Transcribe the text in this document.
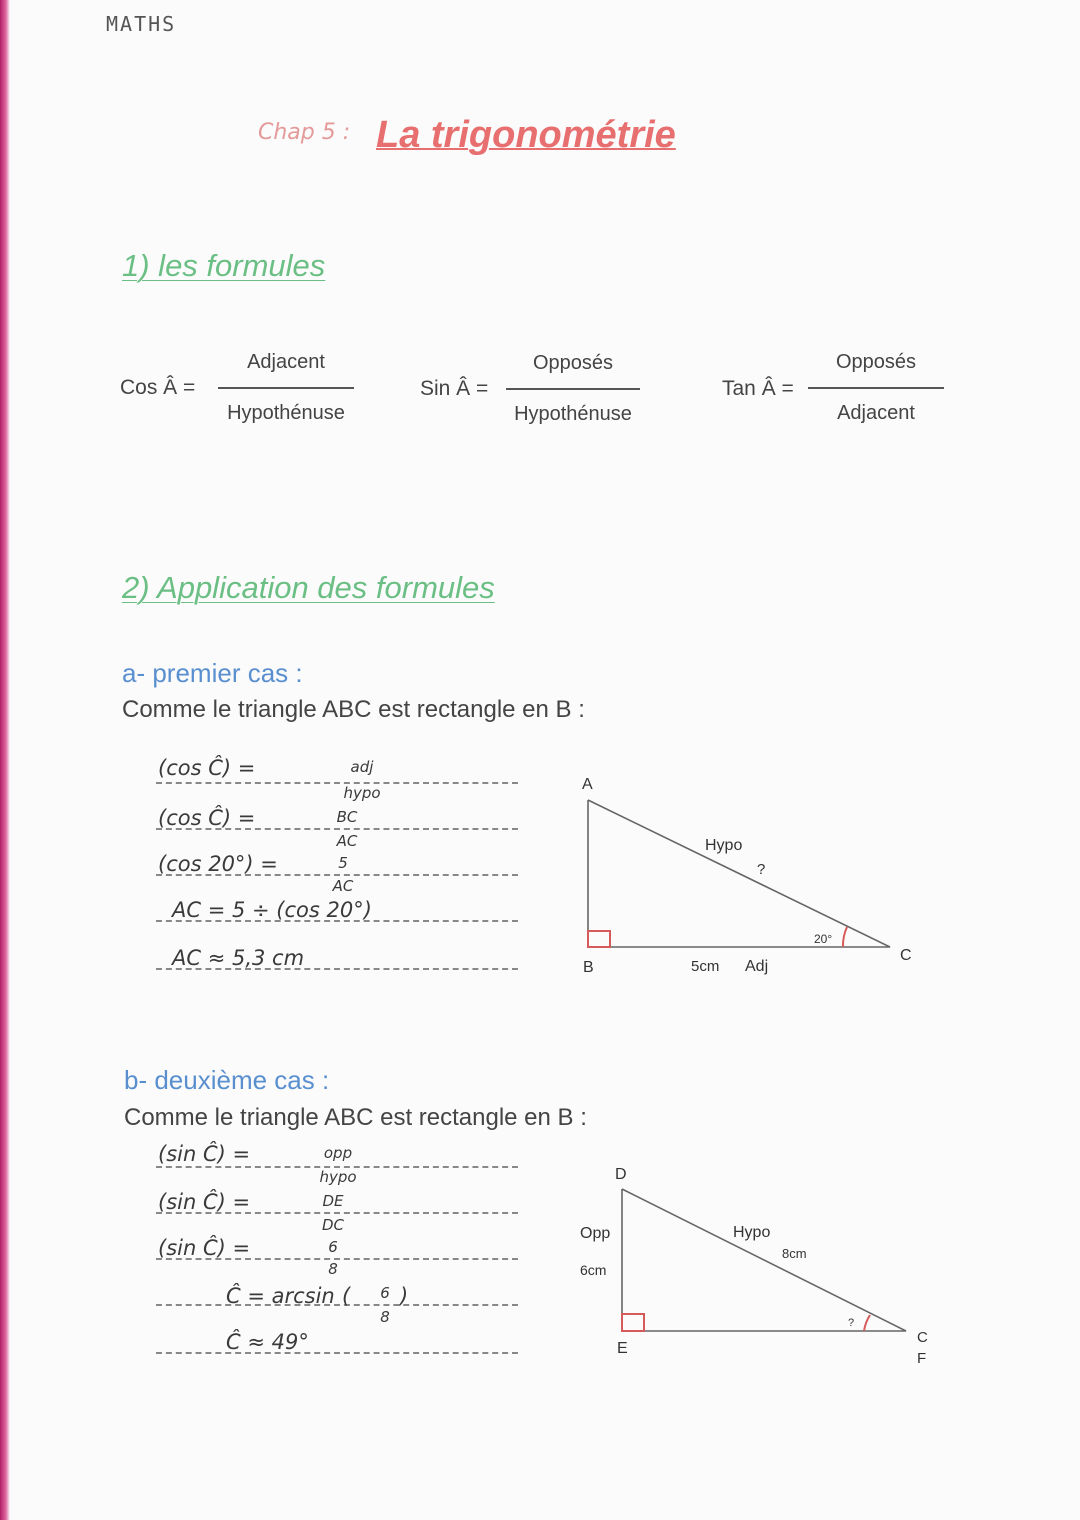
MATHS
Chap 5 : La trigonométrie
1) les formules
Cos Â =
Adjacent
Hypothénuse
Sin Â =
Opposés
Hypothénuse
Tan Â =
Opposés
Adjacent
2) Application des formules
a- premier cas :
Comme le triangle ABC est rectangle en B :
(cos Ĉ) =	adj
hypo
(cos Ĉ) =	BC
AC
(cos 20°) =	5
AC
AC = 5 ÷ (cos 20°)
AC ≈ 5,3 cm
A
B
C
Hypo
?
5cm Adj
20°
b- deuxième cas :
Comme le triangle ABC est rectangle en B :
(sin Ĉ) =	opp
hypo
(sin Ĉ) =	DE
DC
(sin Ĉ) =	6
8
Ĉ = arcsin (	6
8
)
Ĉ ≈ 49°
D
E
C
F
Opp
6cm
Hypo
8cm
?
